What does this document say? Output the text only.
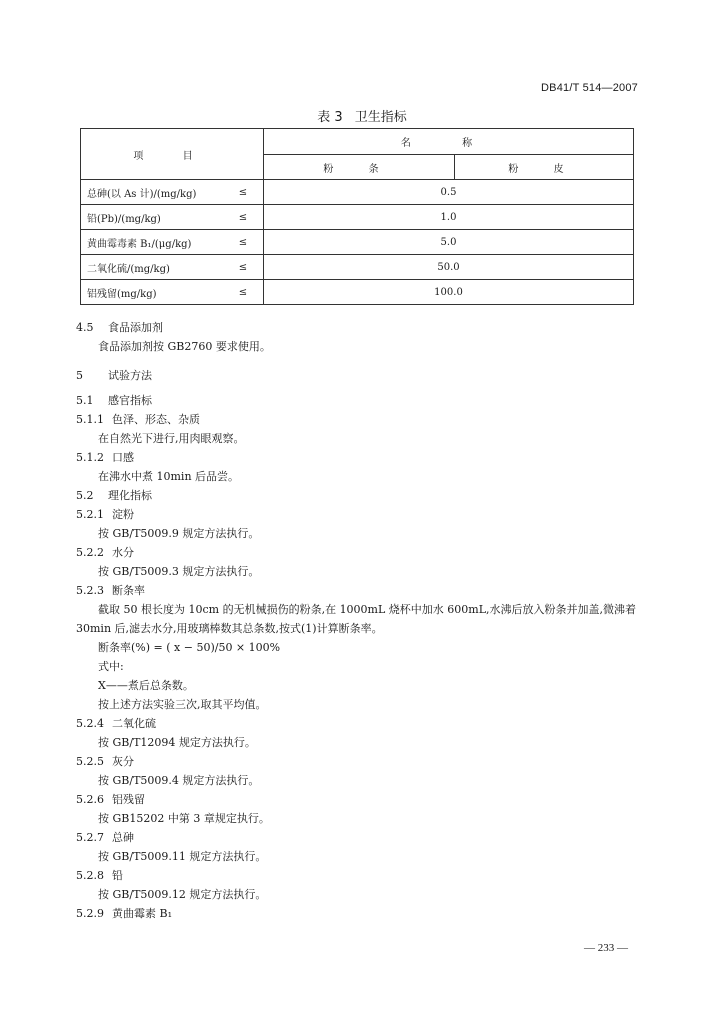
DB41/T 514—2007
表 3 卫生指标
项 目		名 称	
		粉 条	粉 皮
总砷(以 As 计)/(mg/kg)	≤	0.5	
铅(Pb)/(mg/kg)	≤	1.0	
黄曲霉毒素 B₁/(μg/kg)	≤	5.0	
二氧化硫/(mg/kg)	≤	50.0	
铝残留(mg/kg)	≤	100.0	
4.5 食品添加剂
食品添加剂按 GB2760 要求使用。
5 试验方法
5.1 感官指标
5.1.1 色泽、形态、杂质
在自然光下进行,用肉眼观察。
5.1.2 口感
在沸水中煮 10min 后品尝。
5.2 理化指标
5.2.1 淀粉
按 GB/T5009.9 规定方法执行。
5.2.2 水分
按 GB/T5009.3 规定方法执行。
5.2.3 断条率
截取 50 根长度为 10cm 的无机械损伤的粉条,在 1000mL 烧杯中加水 600mL,水沸后放入粉条并加盖,微沸着 30min 后,滤去水分,用玻璃棒数其总条数,按式(1)计算断条率。
断条率(%) = ( x − 50)/50 × 100%
式中:
X——煮后总条数。
按上述方法实验三次,取其平均值。
5.2.4 二氧化硫
按 GB/T12094 规定方法执行。
5.2.5 灰分
按 GB/T5009.4 规定方法执行。
5.2.6 铝残留
按 GB15202 中第 3 章规定执行。
5.2.7 总砷
按 GB/T5009.11 规定方法执行。
5.2.8 铅
按 GB/T5009.12 规定方法执行。
5.2.9 黄曲霉素 B₁
— 233 —
